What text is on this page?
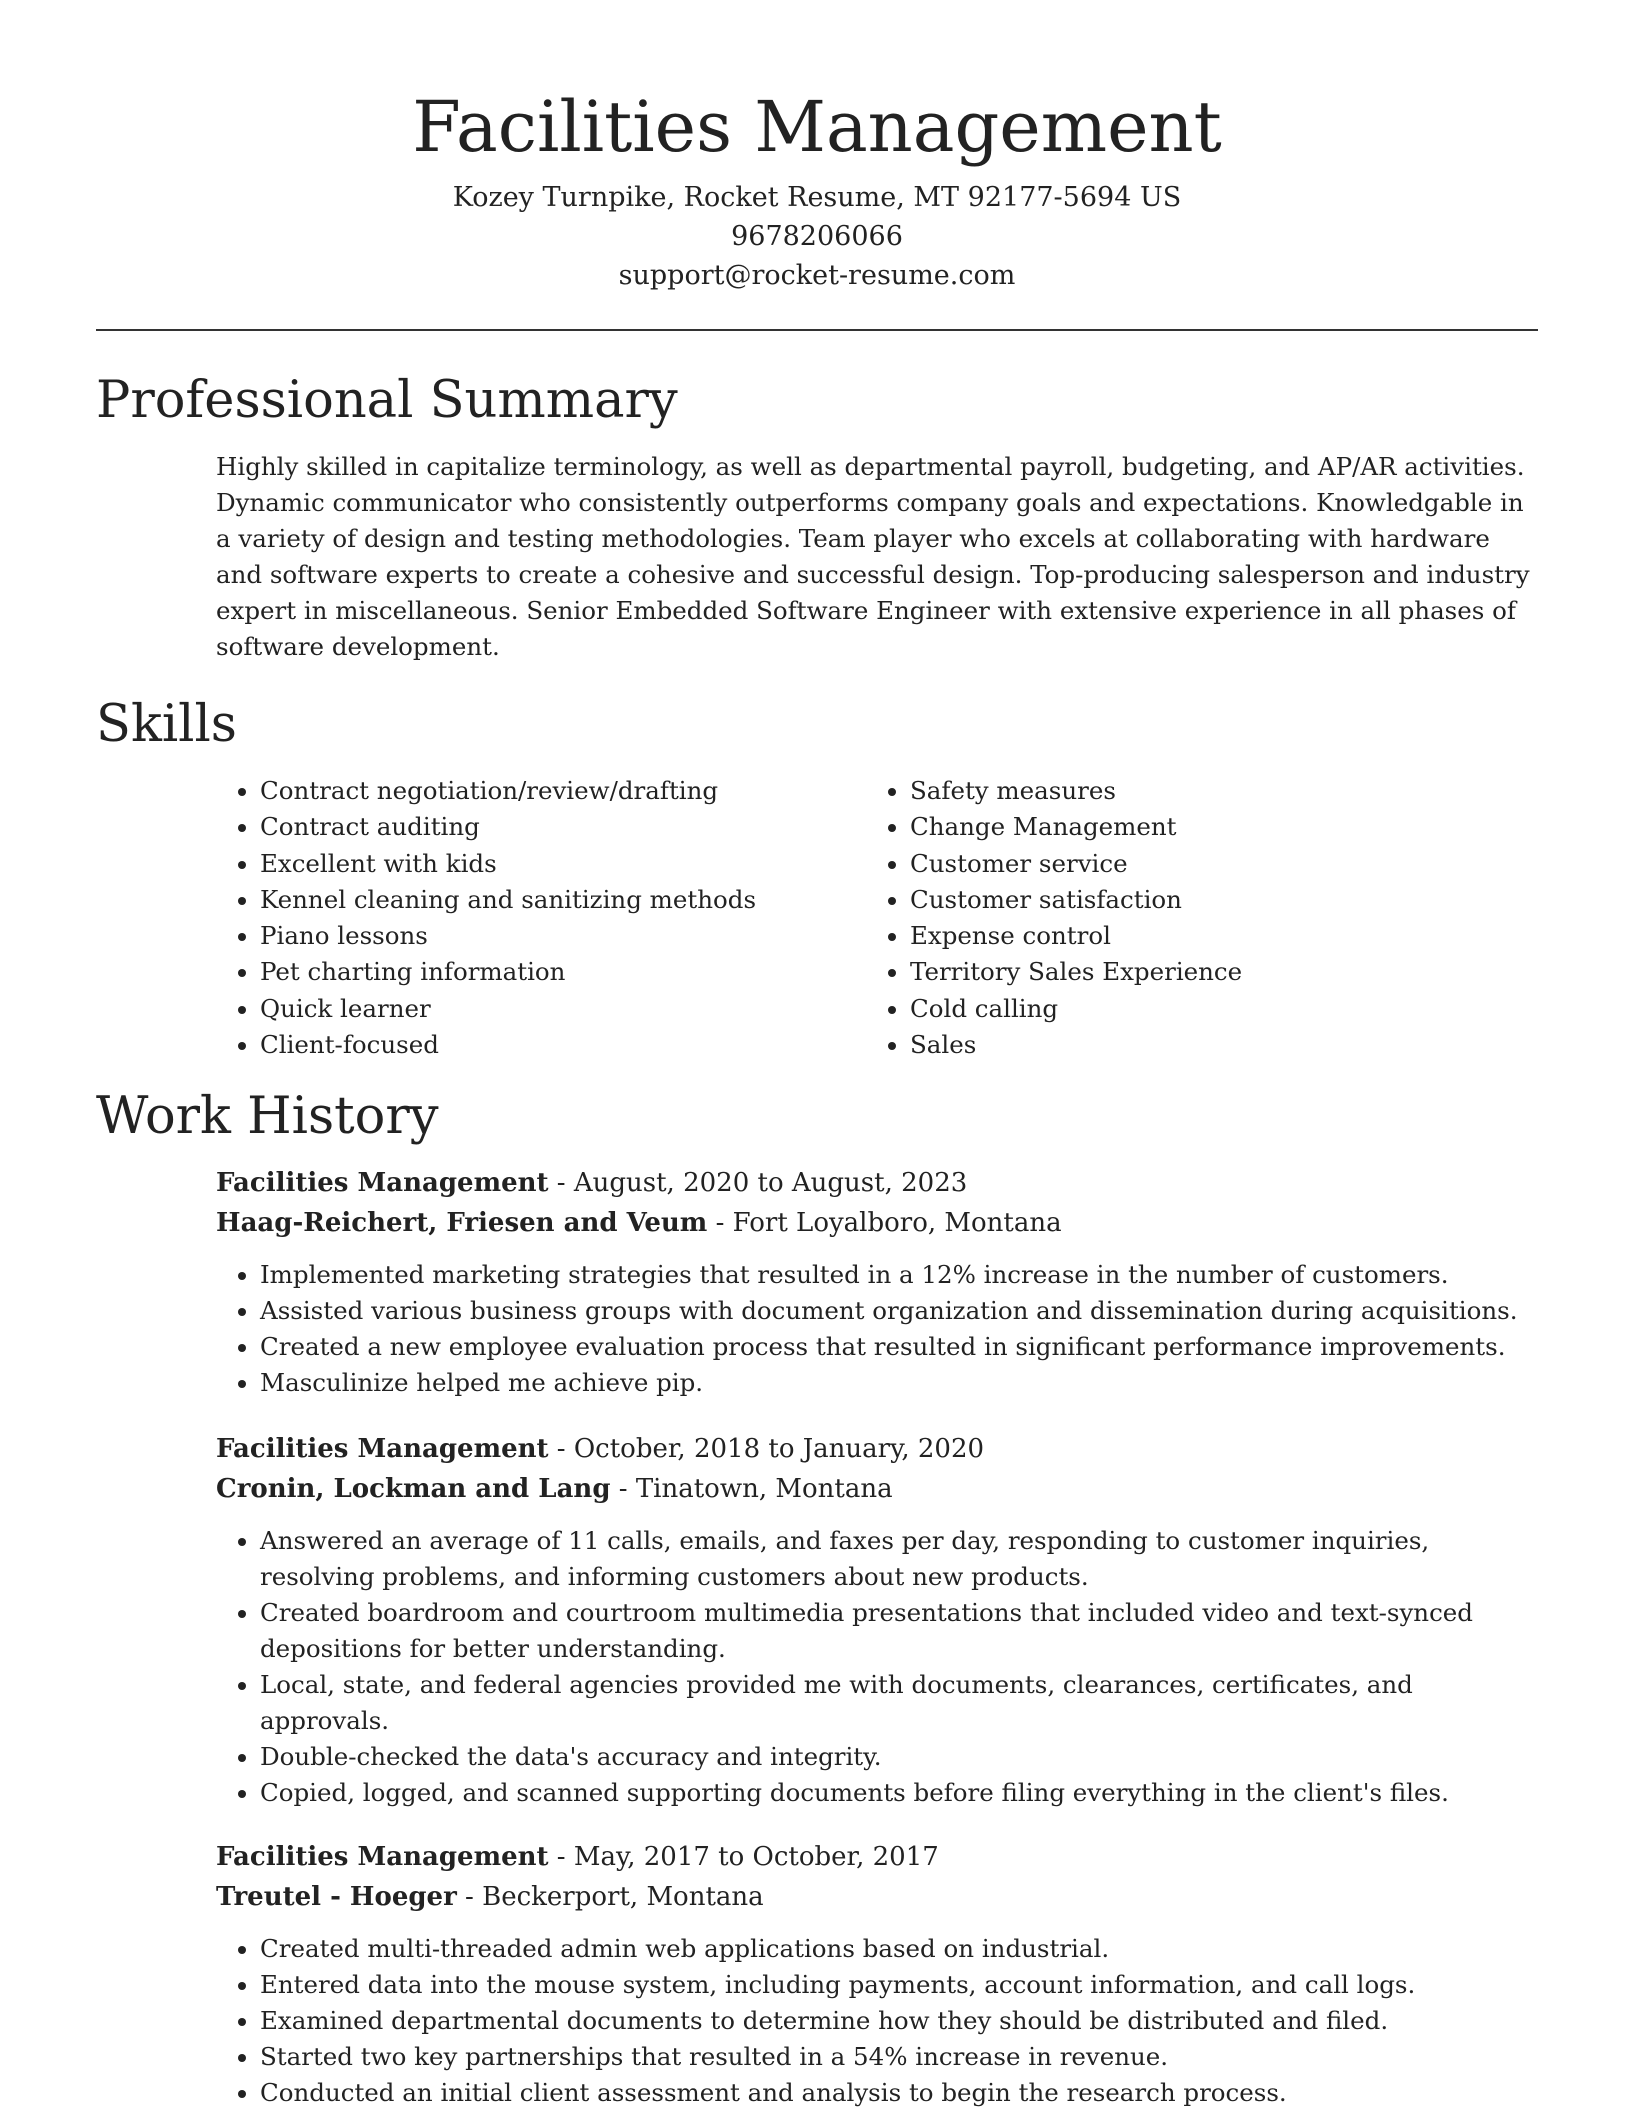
Facilities Management
Kozey Turnpike, Rocket Resume, MT 92177-5694 US
9678206066
support@rocket-resume.com
Professional Summary

Highly skilled in capitalize terminology, as well as departmental payroll, budgeting, and AP/AR activities. Dynamic communicator who consistently outperforms company goals and expectations. Knowledgable in a variety of design and testing methodologies. Team player who excels at collaborating with hardware and software experts to create a cohesive and successful design. Top-producing salesperson and industry expert in miscellaneous. Senior Embedded Software Engineer with extensive experience in all phases of software development.

Skills
• Contract negotiation/review/drafting
• Contract auditing
• Excellent with kids
• Kennel cleaning and sanitizing methods
• Piano lessons
• Pet charting information
• Quick learner
• Client-focused
• Safety measures
• Change Management
• Customer service
• Customer satisfaction
• Expense control
• Territory Sales Experience
• Cold calling
• Sales
Work History
Facilities Management - August, 2020 to August, 2023
Haag-Reichert, Friesen and Veum - Fort Loyalboro, Montana
• Implemented marketing strategies that resulted in a 12% increase in the number of customers.
• Assisted various business groups with document organization and dissemination during acquisitions.
• Created a new employee evaluation process that resulted in significant performance improvements.
• Masculinize helped me achieve pip.
Facilities Management - October, 2018 to January, 2020
Cronin, Lockman and Lang - Tinatown, Montana
• Answered an average of 11 calls, emails, and faxes per day, responding to customer inquiries, resolving problems, and informing customers about new products.
• Created boardroom and courtroom multimedia presentations that included video and text-synced depositions for better understanding.
• Local, state, and federal agencies provided me with documents, clearances, certificates, and approvals.
• Double-checked the data's accuracy and integrity.
• Copied, logged, and scanned supporting documents before filing everything in the client's files.
Facilities Management - May, 2017 to October, 2017
Treutel - Hoeger - Beckerport, Montana
• Created multi-threaded admin web applications based on industrial.
• Entered data into the mouse system, including payments, account information, and call logs.
• Examined departmental documents to determine how they should be distributed and filed.
• Started two key partnerships that resulted in a 54% increase in revenue.
• Conducted an initial client assessment and analysis to begin the research process.
